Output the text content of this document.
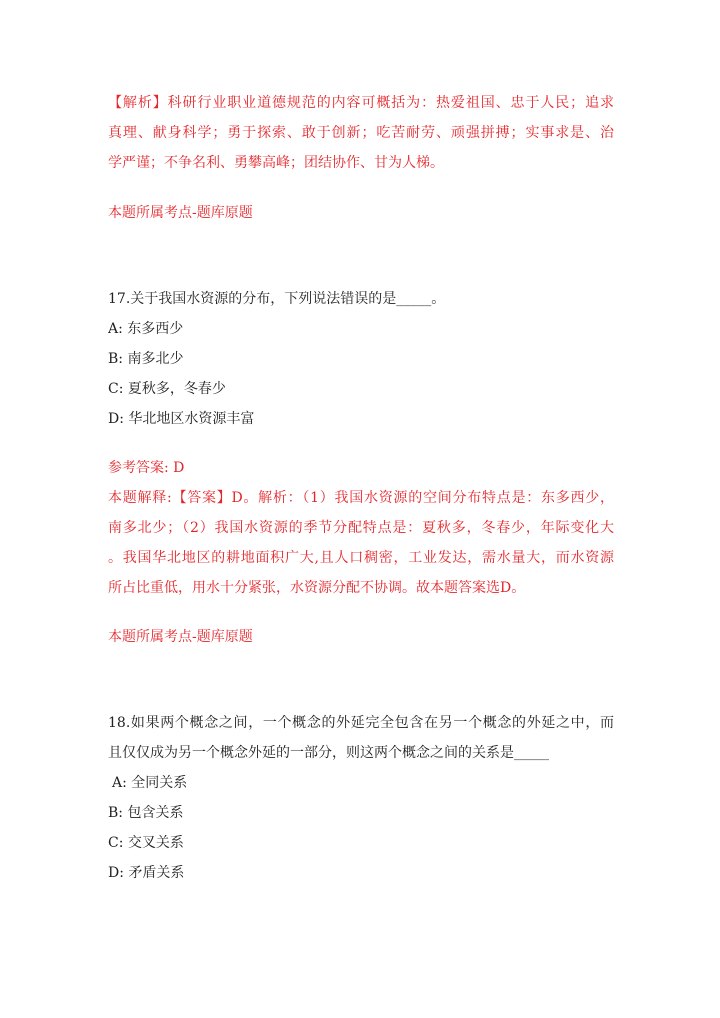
【解析】科研行业职业道德规范的内容可概括为：热爱祖国、忠于人民；追求
真理、献身科学；勇于探索、敢于创新；吃苦耐劳、顽强拼搏；实事求是、治
学严谨；不争名利、勇攀高峰；团结协作、甘为人梯。
本题所属考点-题库原题
17.关于我国水资源的分布，下列说法错误的是_____。
A: 东多西少
B: 南多北少
C: 夏秋多，冬春少
D: 华北地区水资源丰富
参考答案: D
本题解释:【答案】D。解析：（1）我国水资源的空间分布特点是：东多西少，
南多北少；（2）我国水资源的季节分配特点是：夏秋多，冬春少，年际变化大
。我国华北地区的耕地面积广大,且人口稠密，工业发达，需水量大，而水资源
所占比重低，用水十分紧张，水资源分配不协调。故本题答案选D。
本题所属考点-题库原题
18.如果两个概念之间，一个概念的外延完全包含在另一个概念的外延之中，而
且仅仅成为另一个概念外延的一部分，则这两个概念之间的关系是_____
A: 全同关系
B: 包含关系
C: 交叉关系
D: 矛盾关系
